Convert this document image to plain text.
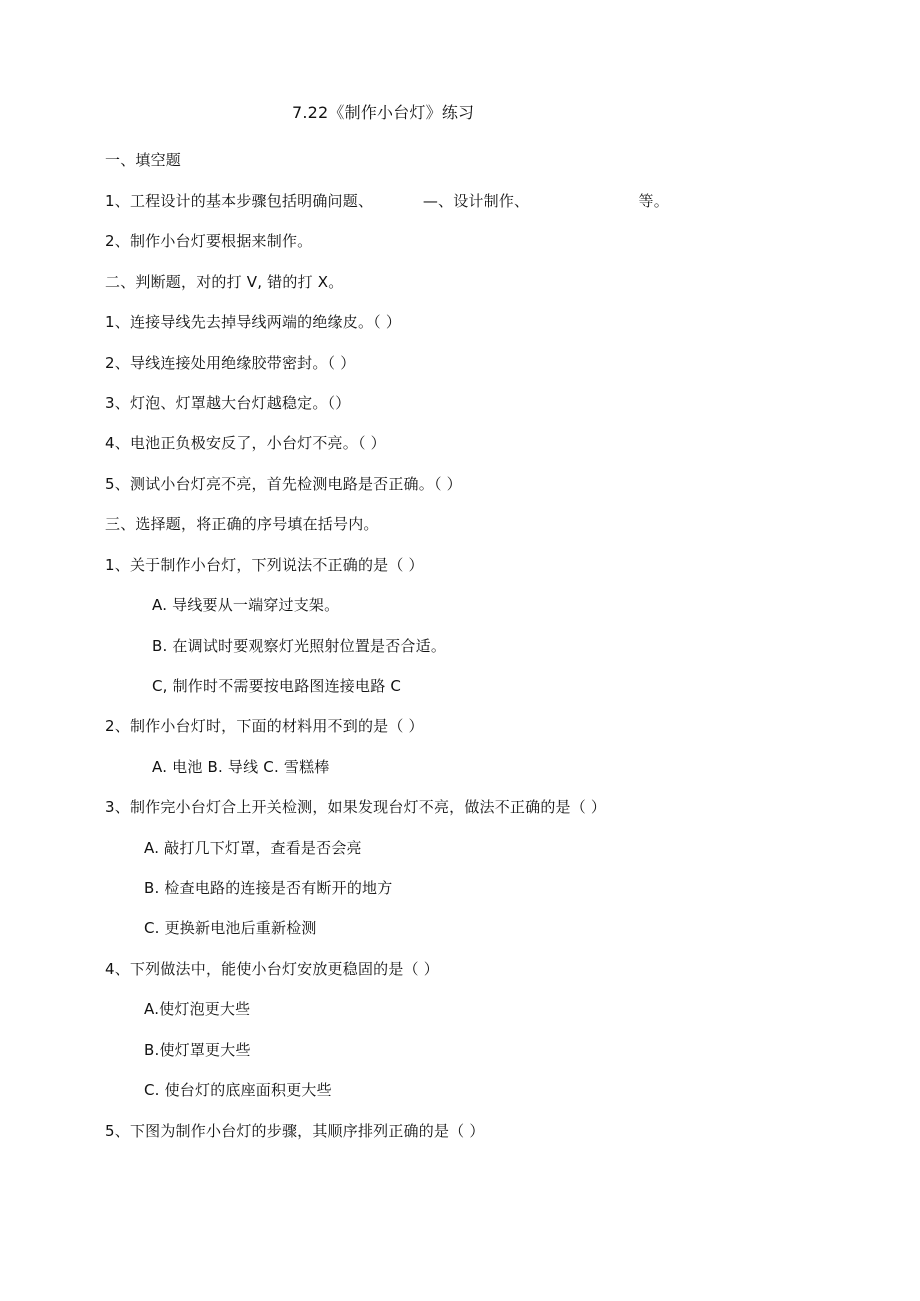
7.22《制作小台灯》练习
一、填空题
1、工程设计的基本步骤包括明确问题、          —、设计制作、                      等。
2、制作小台灯要根据来制作。
二、判断题，对的打 V, 错的打 X。
1、连接导线先去掉导线两端的绝缘皮。（ ）
2、导线连接处用绝缘胶带密封。（ ）
3、灯泡、灯罩越大台灯越稳定。（）
4、电池正负极安反了，小台灯不亮。（ ）
5、测试小台灯亮不亮，首先检测电路是否正确。（ ）
三、选择题，将正确的序号填在括号内。
1、关于制作小台灯，下列说法不正确的是（ ）
A. 导线要从一端穿过支架。
B. 在调试时要观察灯光照射位置是否合适。
C, 制作时不需要按电路图连接电路 C
2、制作小台灯时，下面的材料用不到的是（ ）
A. 电池 B. 导线 C. 雪糕棒
3、制作完小台灯合上开关检测，如果发现台灯不亮，做法不正确的是（ ）
A. 敲打几下灯罩，查看是否会亮
B. 检查电路的连接是否有断开的地方
C. 更换新电池后重新检测
4、下列做法中，能使小台灯安放更稳固的是（ ）
A.使灯泡更大些
B.使灯罩更大些
C. 使台灯的底座面积更大些
5、下图为制作小台灯的步骤，其顺序排列正确的是（ ）
